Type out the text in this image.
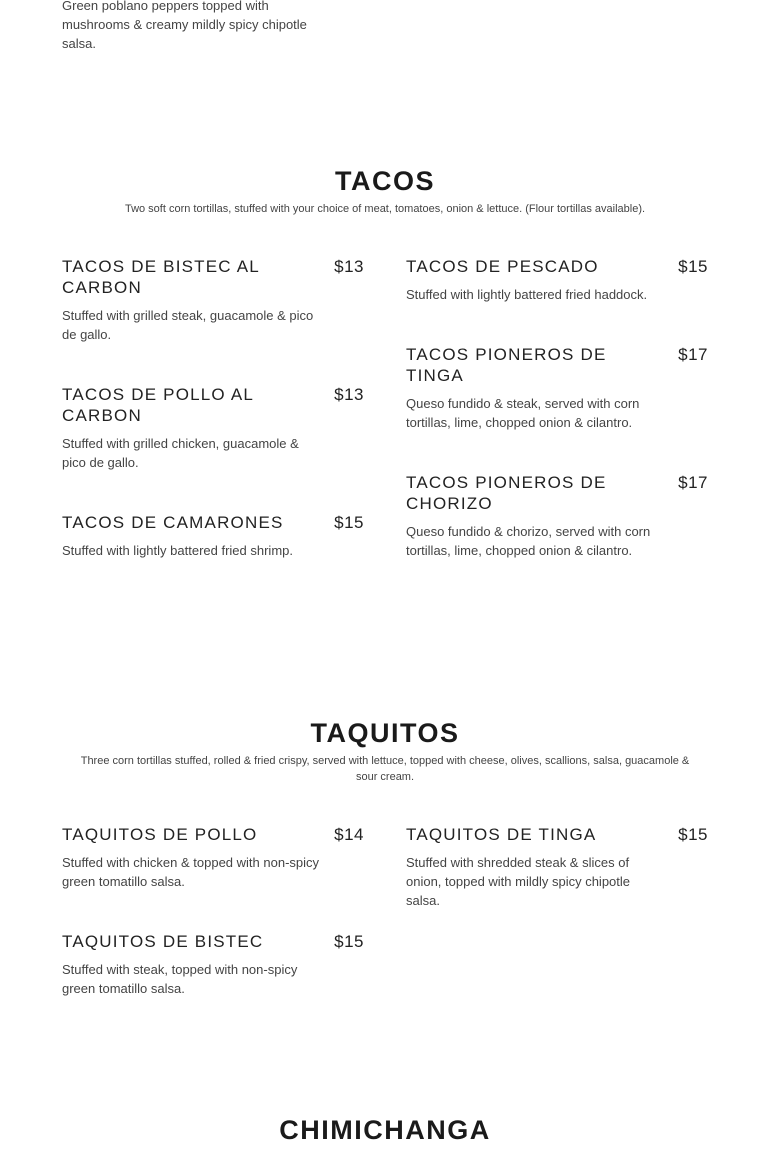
Green poblano peppers topped with mushrooms & creamy mildly spicy chipotle salsa.
TACOS

Two soft corn tortillas, stuffed with your choice of meat, tomatoes, onion & lettuce. (Flour tortillas available).

TACOS DE BISTEC AL CARBON
$13
Stuffed with grilled steak, guacamole & pico de gallo.
TACOS DE POLLO AL CARBON
$13
Stuffed with grilled chicken, guacamole & pico de gallo.
TACOS DE CAMARONES	$15
Stuffed with lightly battered fried shrimp.
TACOS DE PESCADO	$15
Stuffed with lightly battered fried haddock.
TACOS PIONEROS DE TINGA
$17
Queso fundido & steak, served with corn tortillas, lime, chopped onion & cilantro.
TACOS PIONEROS DE CHORIZO
$17
Queso fundido & chorizo, served with corn tortillas, lime, chopped onion & cilantro.
TAQUITOS

Three corn tortillas stuffed, rolled & fried crispy, served with lettuce, topped with cheese, olives, scallions, salsa, guacamole & sour cream.

TAQUITOS DE POLLO	$14
Stuffed with chicken & topped with non-spicy green tomatillo salsa.
TAQUITOS DE BISTEC	$15
Stuffed with steak, topped with non-spicy green tomatillo salsa.
TAQUITOS DE TINGA	$15
Stuffed with shredded steak & slices of onion, topped with mildly spicy chipotle salsa.
CHIMICHANGA
